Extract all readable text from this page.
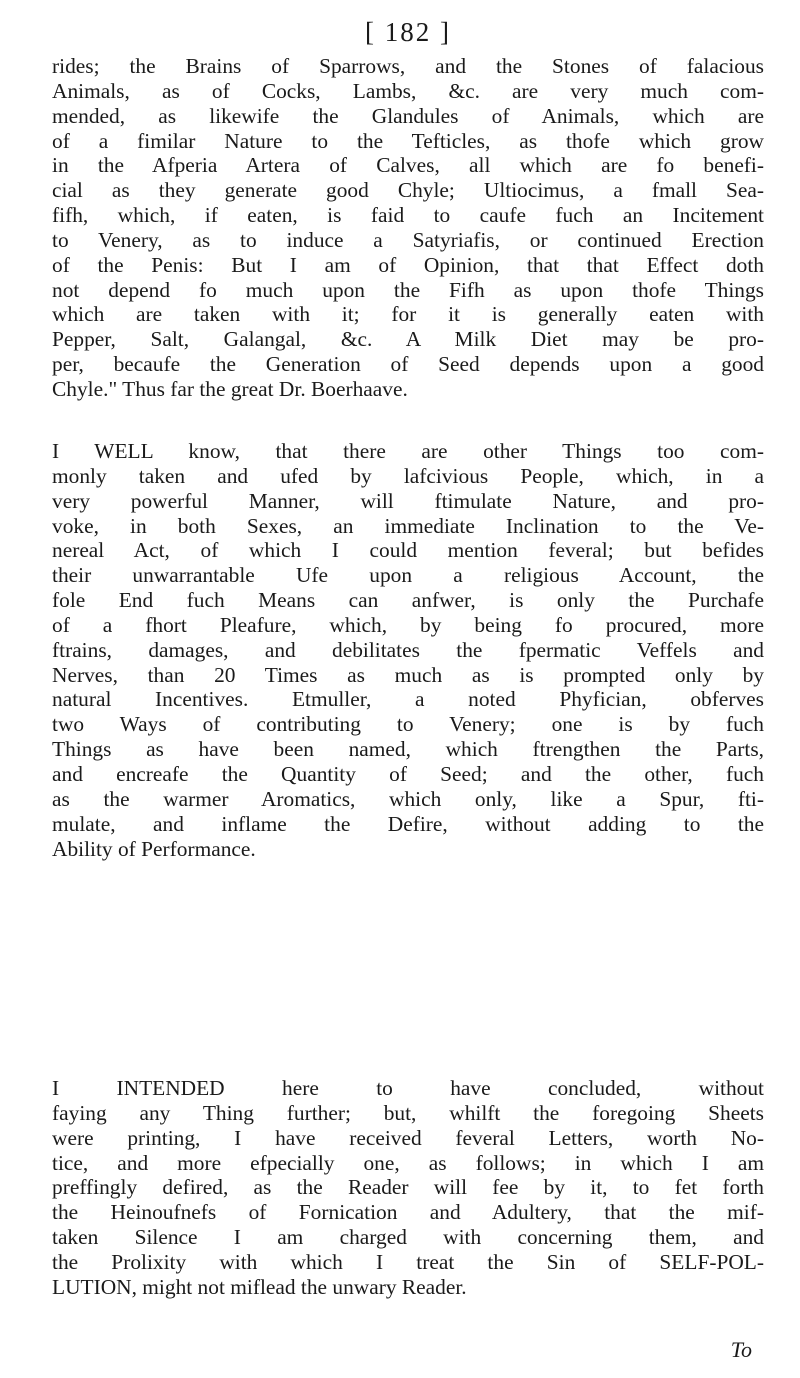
[ 182 ]
rides; the Brains of Sparrows, and the Stones of falacious
Animals, as of Cocks, Lambs, &c. are very much com-
mended, as likewife the Glandules of Animals, which are
of a fimilar Nature to the Tefticles, as thofe which grow
in the Afperia Artera of Calves, all which are fo benefi-
cial as they generate good Chyle; Ultiocimus, a fmall Sea-
fifh, which, if eaten, is faid to caufe fuch an Incitement
to Venery, as to induce a Satyriafis, or continued Erection
of the Penis: But I am of Opinion, that that Effect doth
not depend fo much upon the Fifh as upon thofe Things
which are taken with it; for it is generally eaten with
Pepper, Salt, Galangal, &c. A Milk Diet may be pro-
per, becaufe the Generation of Seed depends upon a good
Chyle." Thus far the great Dr. Boerhaave.
I WELL know, that there are other Things too com-
monly taken and ufed by lafcivious People, which, in a
very powerful Manner, will ftimulate Nature, and pro-
voke, in both Sexes, an immediate Inclination to the Ve-
nereal Act, of which I could mention feveral; but befides
their unwarrantable Ufe upon a religious Account, the
fole End fuch Means can anfwer, is only the Purchafe
of a fhort Pleafure, which, by being fo procured, more
ftrains, damages, and debilitates the fpermatic Veffels and
Nerves, than 20 Times as much as is prompted only by
natural Incentives. Etmuller, a noted Phyfician, obferves
two Ways of contributing to Venery; one is by fuch
Things as have been named, which ftrengthen the Parts,
and encreafe the Quantity of Seed; and the other, fuch
as the warmer Aromatics, which only, like a Spur, fti-
mulate, and inflame the Defire, without adding to the
Ability of Performance.
I INTENDED here to have concluded, without
faying any Thing further; but, whilft the foregoing Sheets
were printing, I have received feveral Letters, worth No-
tice, and more efpecially one, as follows; in which I am
preffingly defired, as the Reader will fee by it, to fet forth
the Heinoufnefs of Fornication and Adultery, that the mif-
taken Silence I am charged with concerning them, and
the Prolixity with which I treat the Sin of SELF-POL-
LUTION, might not miflead the unwary Reader.
To
